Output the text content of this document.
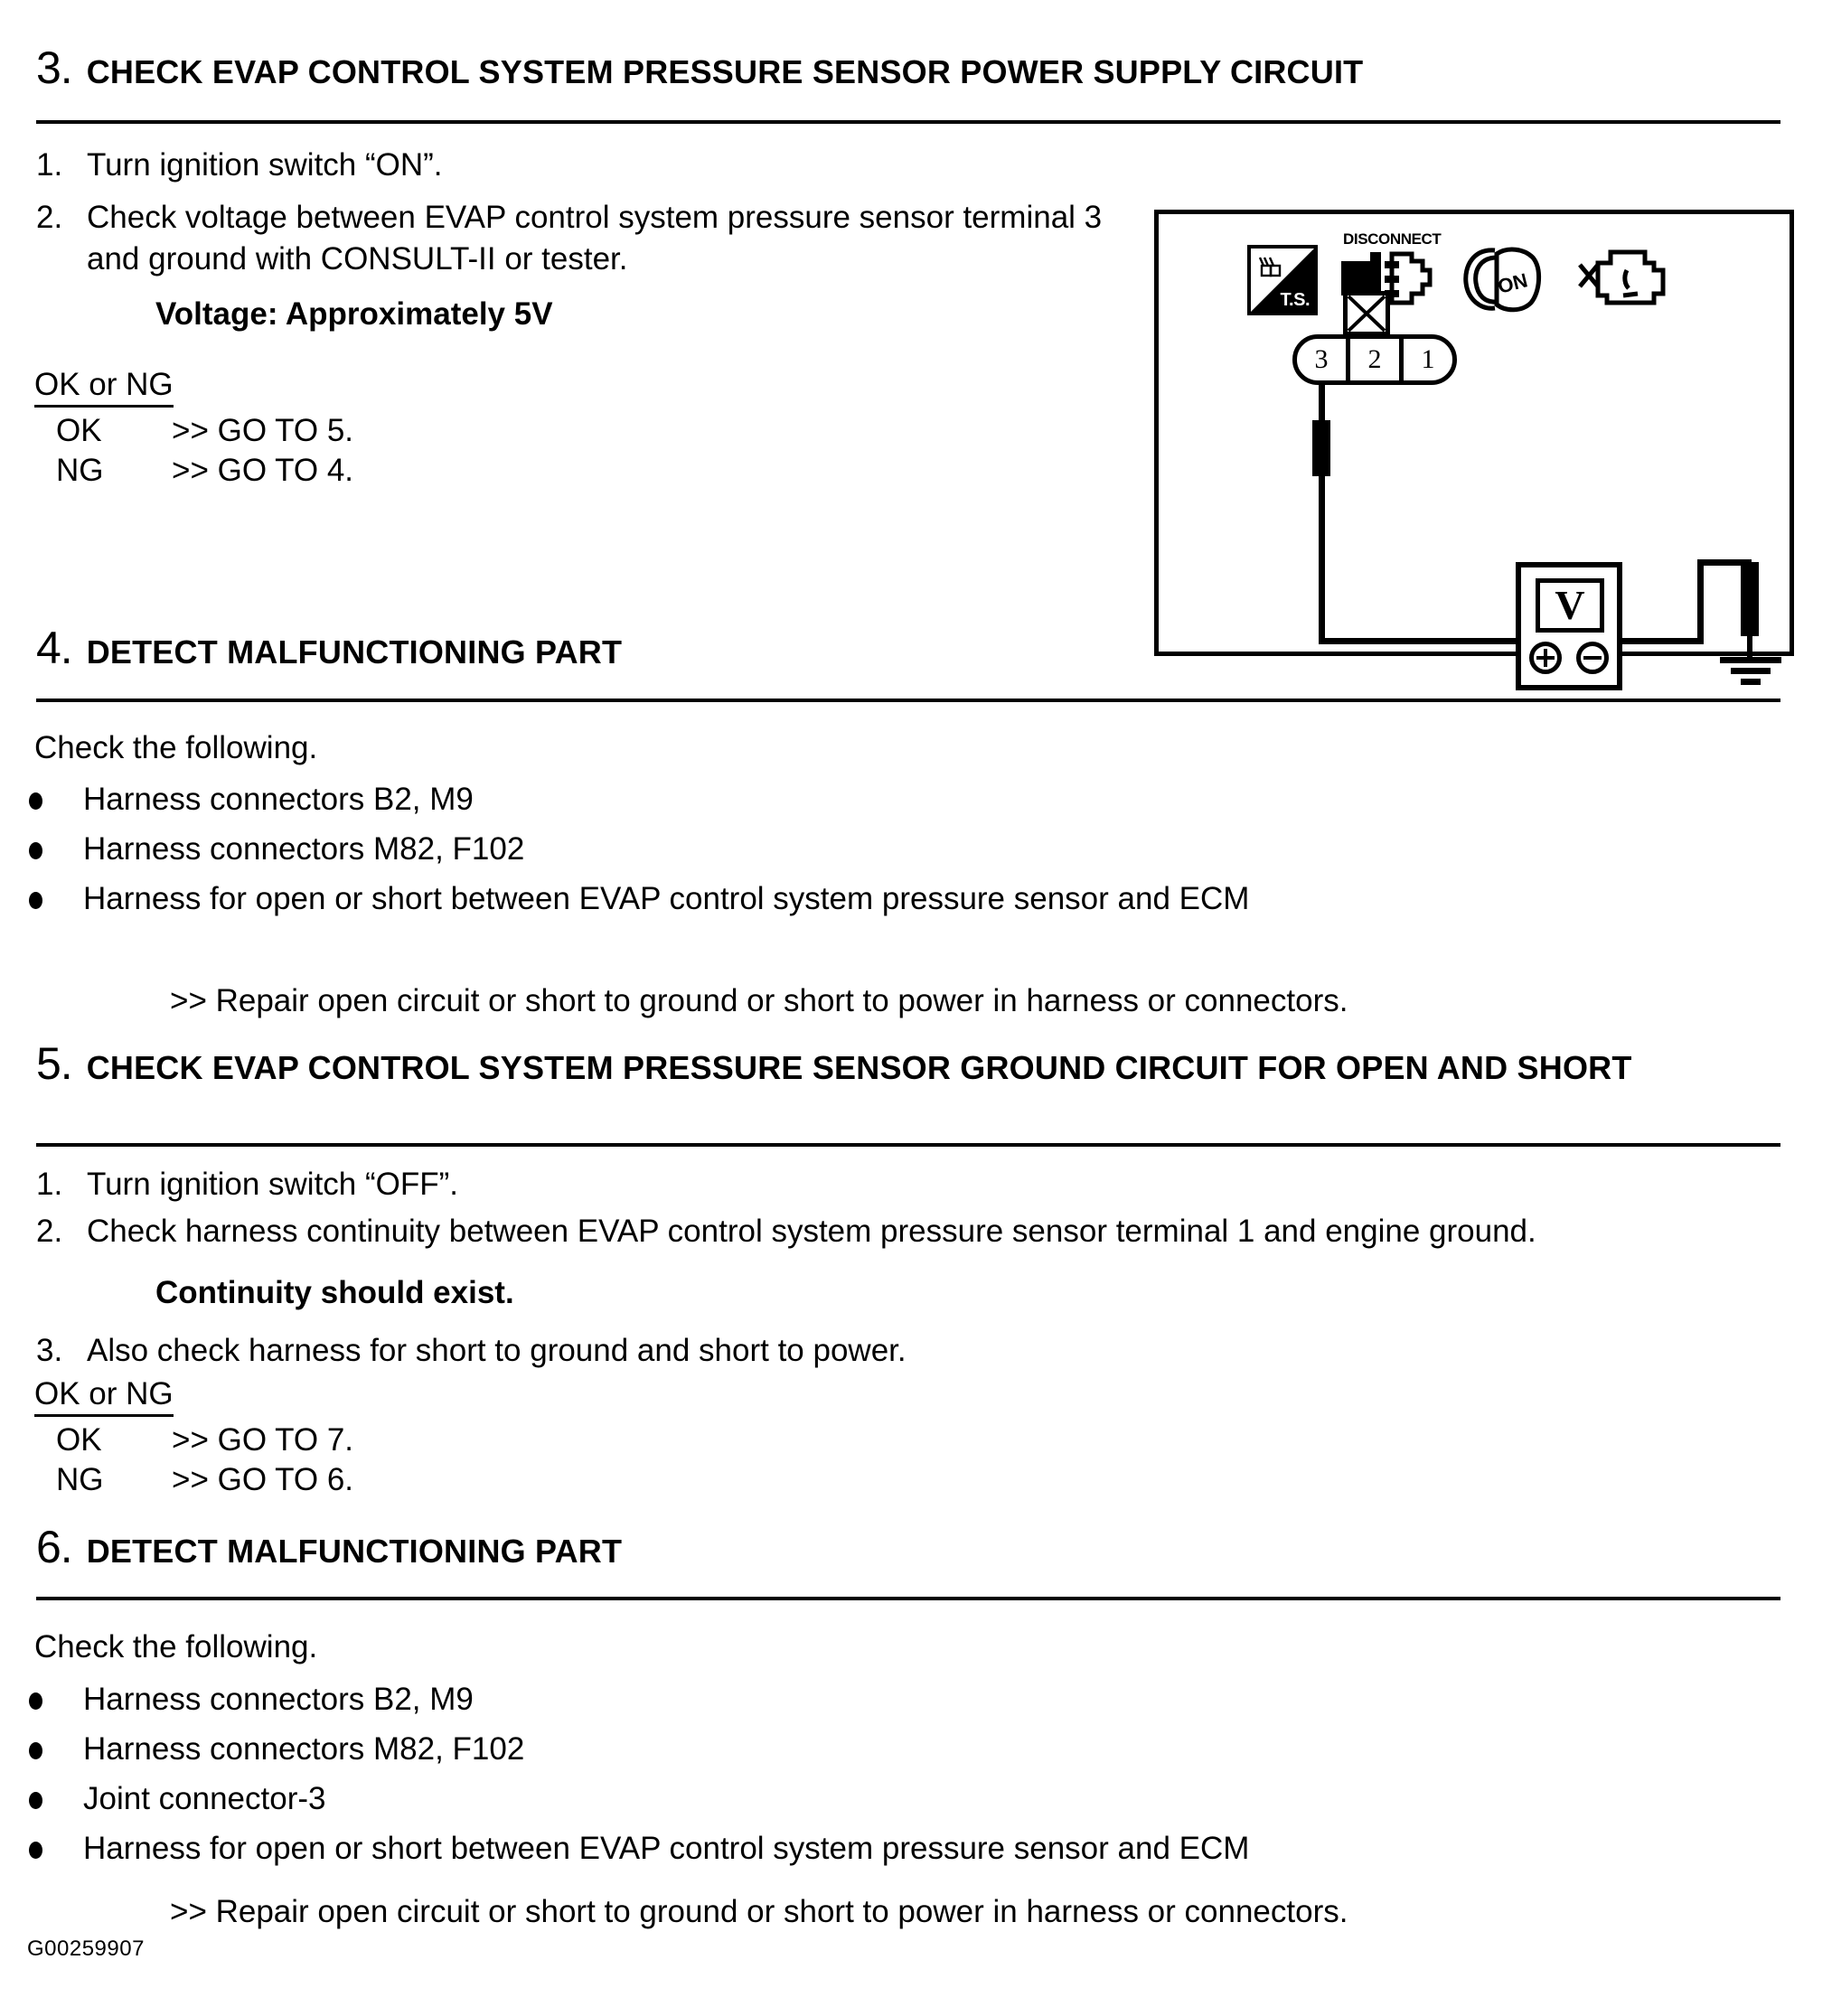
3. CHECK EVAP CONTROL SYSTEM PRESSURE SENSOR POWER SUPPLY CIRCUIT
1. Turn ignition switch “ON”.
2. Check voltage between EVAP control system pressure sensor terminal 3 and ground with CONSULT-II or tester.
Voltage: Approximately 5V
OK or NG
OK	>> GO TO 5.
NG	>> GO TO 4.
T.S.
DISCONNECT
ON
3	2	1
V
4. DETECT MALFUNCTIONING PART
Check the following.
Harness connectors B2, M9
Harness connectors M82, F102
Harness for open or short between EVAP control system pressure sensor and ECM
>> Repair open circuit or short to ground or short to power in harness or connectors.
5. CHECK EVAP CONTROL SYSTEM PRESSURE SENSOR GROUND CIRCUIT FOR OPEN AND SHORT
1. Turn ignition switch “OFF”.
2. Check harness continuity between EVAP control system pressure sensor terminal 1 and engine ground.
Continuity should exist.
3. Also check harness for short to ground and short to power.
OK or NG
OK	>> GO TO 7.
NG	>> GO TO 6.
6. DETECT MALFUNCTIONING PART
Check the following.
Harness connectors B2, M9
Harness connectors M82, F102
Joint connector-3
Harness for open or short between EVAP control system pressure sensor and ECM
>> Repair open circuit or short to ground or short to power in harness or connectors.
G00259907
